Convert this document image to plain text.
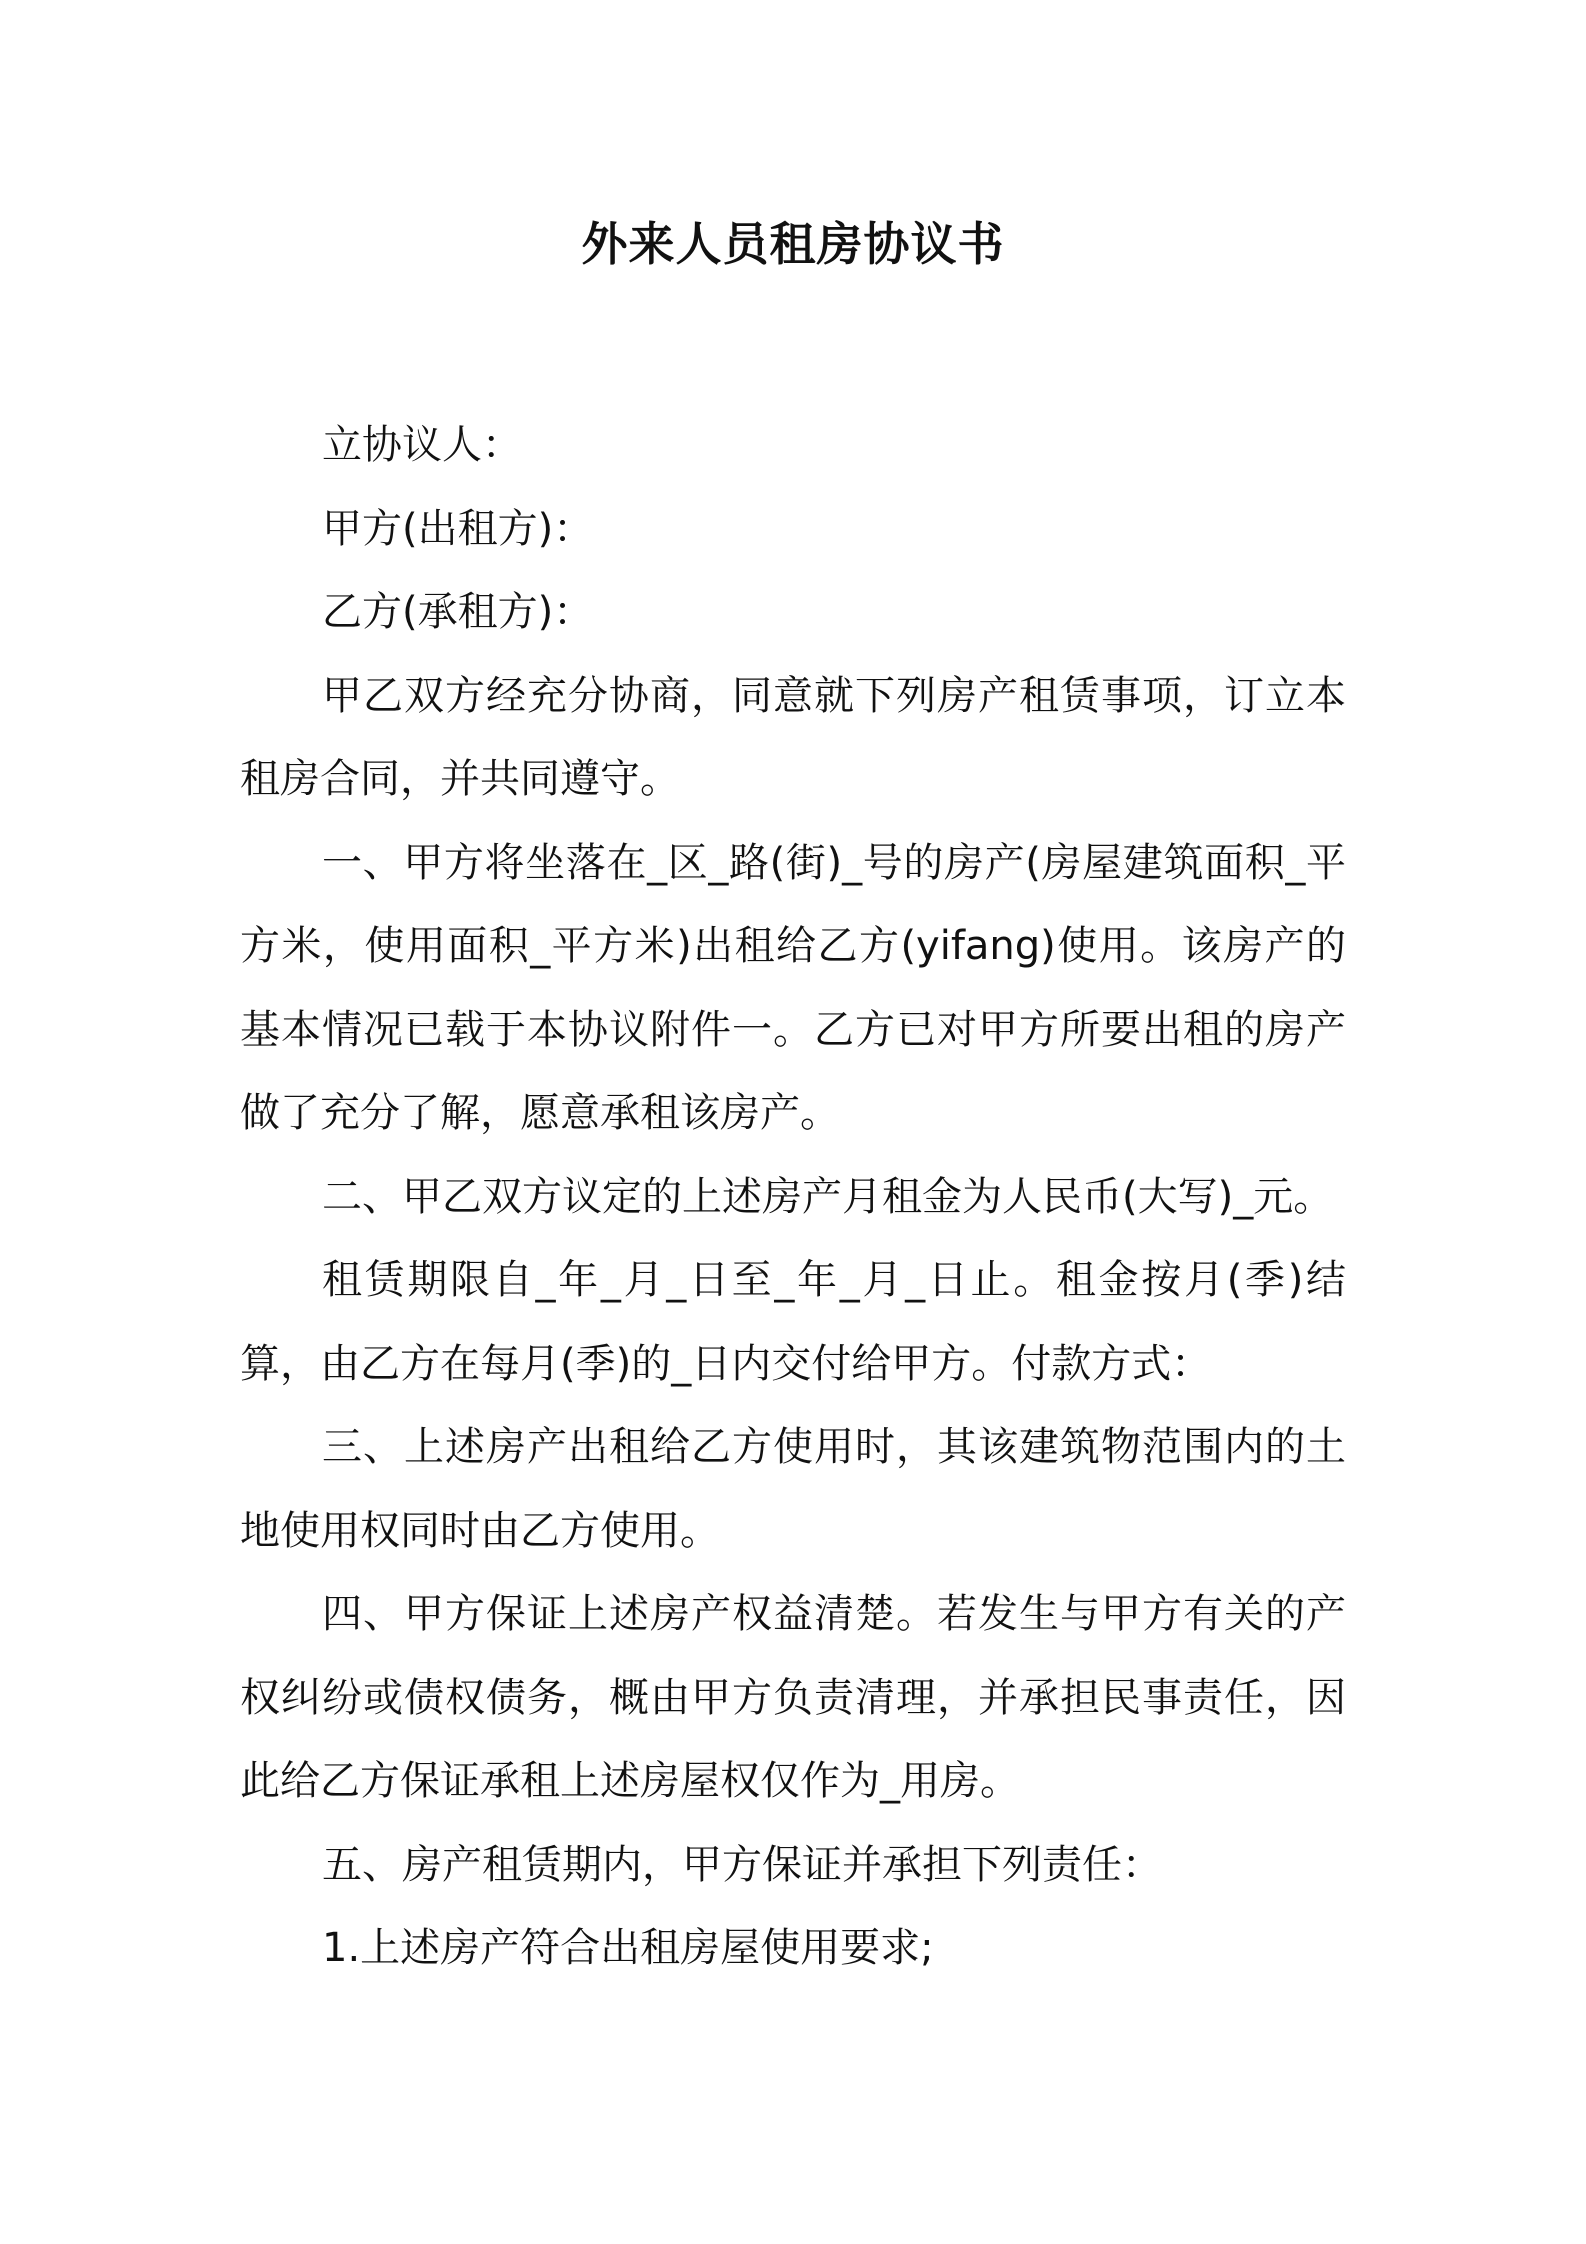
外来人员租房协议书

立协议人：

甲方(出租方)：

乙方(承租方)：

甲乙双方经充分协商，同意就下列房产租赁事项，订立本租房合同，并共同遵守。

一、甲方将坐落在_区_路(街)_号的房产(房屋建筑面积_平方米，使用面积_平方米)出租给乙方(yifang)使用。该房产的基本情况已载于本协议附件一。乙方已对甲方所要出租的房产做了充分了解，愿意承租该房产。

二、甲乙双方议定的上述房产月租金为人民币(大写)_元。

租赁期限自_年_月_日至_年_月_日止。租金按月(季)结算，由乙方在每月(季)的_日内交付给甲方。付款方式：

三、上述房产出租给乙方使用时，其该建筑物范围内的土地使用权同时由乙方使用。

四、甲方保证上述房产权益清楚。若发生与甲方有关的产权纠纷或债权债务，概由甲方负责清理，并承担民事责任，因此给乙方保证承租上述房屋权仅作为_用房。

五、房产租赁期内，甲方保证并承担下列责任：

1.上述房产符合出租房屋使用要求;
